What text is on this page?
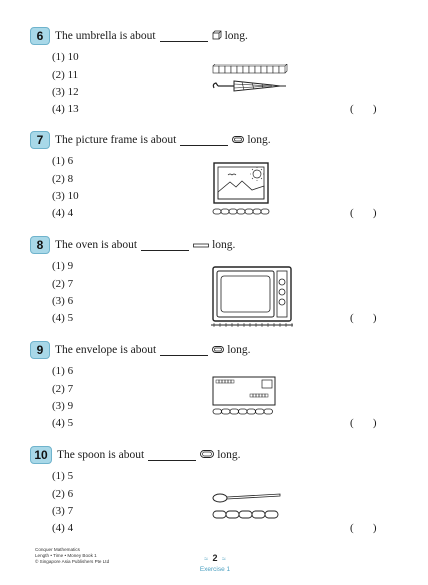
6	The umbrella is about	long.
(1) 10
(2) 11
(3) 12
(4) 13	(       )
7	The picture frame is about	long.
(1) 6
(2) 8
(3) 10
(4) 4	(       )
8	The oven is about	long.
(1) 9
(2) 7
(3) 6
(4) 5	(       )
9	The envelope is about	long.
(1) 6
(2) 7
(3) 9
(4) 5	(       )
10 The spoon is about	long.
(1) 5
(2) 6
(3) 7
(4) 4	(       )
Conquer Mathematics
Length • Time • Money Book 1
© Singapore Asia Publishers Pte Ltd	≈ 2 ≈
Exercise 1
